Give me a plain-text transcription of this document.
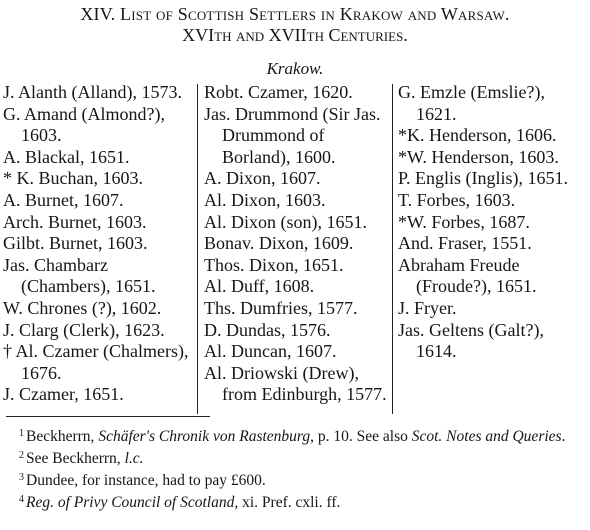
XIV. List of Scottish Settlers in Krakow and Warsaw.
XVIth and XVIIth Centuries.
Krakow.
J. Alanth (Alland), 1573.
G. Amand (Almond?), 1603.
A. Blackal, 1651.
* K. Buchan, 1603.
A. Burnet, 1607.
Arch. Burnet, 1603.
Gilbt. Burnet, 1603.
Jas. Chambarz (Chambers), 1651.
W. Chrones (?), 1602.
J. Clarg (Clerk), 1623.
† Al. Czamer (Chalmers), 1676.
J. Czamer, 1651.
Robt. Czamer, 1620.
Jas. Drummond (Sir Jas. Drummond of Borland), 1600.
A. Dixon, 1607.
Al. Dixon, 1603.
Al. Dixon (son), 1651.
Bonav. Dixon, 1609.
Thos. Dixon, 1651.
Al. Duff, 1608.
Ths. Dumfries, 1577.
D. Dundas, 1576.
Al. Duncan, 1607.
Al. Driowski (Drew), from Edinburgh, 1577.
G. Emzle (Emslie?), 1621.
*K. Henderson, 1606.
*W. Henderson, 1603.
P. Englis (Inglis), 1651.
T. Forbes, 1603.
*W. Forbes, 1687.
And. Fraser, 1551.
Abraham Freude (Froude?), 1651.
J. Fryer.
Jas. Geltens (Galt?), 1614.
$^1$ Beckherrn, Schäfer's Chronik von Rastenburg, p. 10. See also Scot. Notes and Queries.
$^2$ See Beckherrn, l.c.
$^3$ Dundee, for instance, had to pay £600.
$^4$ Reg. of Privy Council of Scotland, xi. Pref. cxli. ff.
